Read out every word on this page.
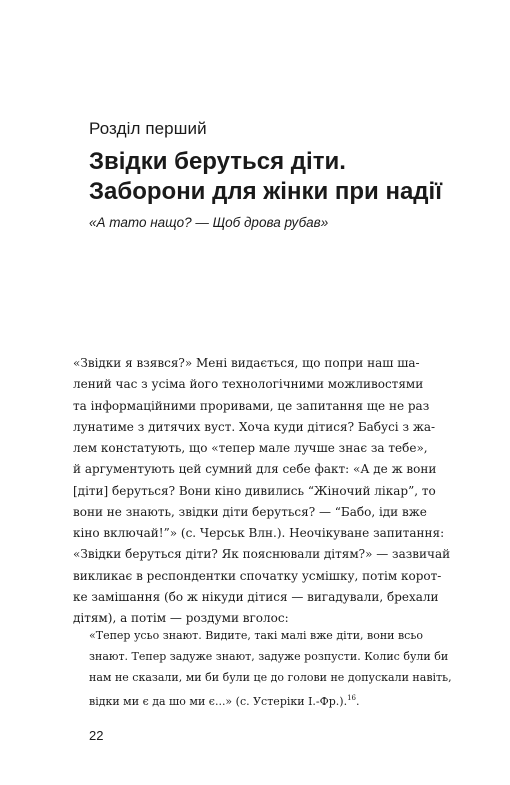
Розділ перший
Звідки беруться діти.
Заборони для жінки при надії
«А тато нащо? — Щоб дрова рубав»
«Звідки я взявся?» Мені видається, що попри наш ша-
лений час з усіма його технологічними можливостями
та інформаційними проривами, це запитання ще не раз
лунатиме з дитячих вуст. Хоча куди дітися? Бабусі з жа-
лем констатують, що «тепер мале лучше знає за тебе»,
й аргументують цей сумний для себе факт: «А де ж вони
[діти] беруться? Вони кіно дивились “Жіночий лікар”, то
вони не знають, звідки діти беруться? — “Бабо, іди вже
кіно включай!”» (с. Черськ Влн.). Неочікуване запитання:
«Звідки беруться діти? Як пояснювали дітям?» — зазвичай
викликає в респондентки спочатку усмішку, потім корот-
ке замішання (бо ж нікуди дітися — вигадували, брехали
дітям), а потім — роздуми вголос:
«Тепер усьо знают. Видите, такі малі вже діти, вони всьо
знают. Тепер задуже знают, задуже розпусти. Колис були би
нам не сказали, ми би були це до голови не допускали навіть,
відки ми є да шо ми є...» (с. Устеріки І.-Фр.).$^{16}$.
22
